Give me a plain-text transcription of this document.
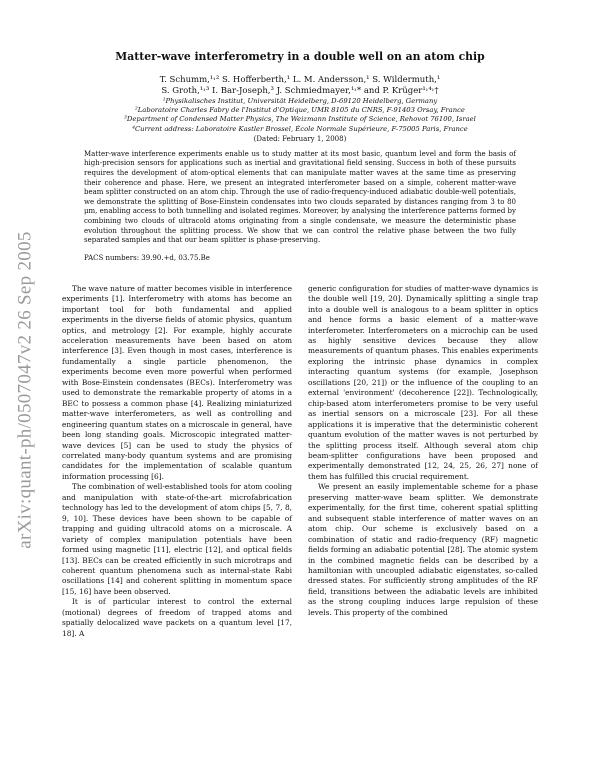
arXiv:quant-ph/0507047v2 26 Sep 2005
Matter-wave interferometry in a double well on an atom chip
T. Schumm,¹˒² S. Hofferberth,¹ L. M. Andersson,¹ S. Wildermuth,¹
S. Groth,¹˒³ I. Bar-Joseph,³ J. Schmiedmayer,¹˒* and P. Krüger¹˒⁴˒†
¹Physikalisches Institut, Universität Heidelberg, D-69120 Heidelberg, Germany
²Laboratoire Charles Fabry de l'Institut d'Optique, UMR 8105 du CNRS, F-91403 Orsay, France
³Department of Condensed Matter Physics, The Weizmann Institute of Science, Rehovot 76100, Israel
⁴Current address: Laboratoire Kastler Brossel, École Normale Supérieure, F-75005 Paris, France
(Dated: February 1, 2008)
Matter-wave interference experiments enable us to study matter at its most basic, quantum level and form the basis of high-precision sensors for applications such as inertial and gravitational field sensing. Success in both of these pursuits requires the development of atom-optical elements that can manipulate matter waves at the same time as preserving their coherence and phase. Here, we present an integrated interferometer based on a simple, coherent matter-wave beam splitter constructed on an atom chip. Through the use of radio-frequency-induced adiabatic double-well potentials, we demonstrate the splitting of Bose-Einstein condensates into two clouds separated by distances ranging from 3 to 80 μm, enabling access to both tunnelling and isolated regimes. Moreover, by analysing the interference patterns formed by combining two clouds of ultracold atoms originating from a single condensate, we measure the deterministic phase evolution throughout the splitting process. We show that we can control the relative phase between the two fully separated samples and that our beam splitter is phase-preserving.
PACS numbers: 39.90.+d, 03.75.Be

The wave nature of matter becomes visible in interference experiments [1]. Interferometry with atoms has become an important tool for both fundamental and applied experiments in the diverse fields of atomic physics, quantum optics, and metrology [2]. For example, highly accurate acceleration measurements have been based on atom interference [3]. Even though in most cases, interference is fundamentally a single particle phenomenon, the experiments become even more powerful when performed with Bose-Einstein condensates (BECs). Interferometry was used to demonstrate the remarkable property of atoms in a BEC to possess a common phase [4]. Realizing miniaturized matter-wave interferometers, as well as controlling and engineering quantum states on a microscale in general, have been long standing goals. Microscopic integrated matter-wave devices [5] can be used to study the physics of correlated many-body quantum systems and are promising candidates for the implementation of scalable quantum information processing [6].

The combination of well-established tools for atom cooling and manipulation with state-of-the-art microfabrication technology has led to the development of atom chips [5, 7, 8, 9, 10]. These devices have been shown to be capable of trapping and guiding ultracold atoms on a microscale. A variety of complex manipulation potentials have been formed using magnetic [11], electric [12], and optical fields [13]. BECs can be created efficiently in such microtraps and coherent quantum phenomena such as internal-state Rabi oscillations [14] and coherent splitting in momentum space [15, 16] have been observed.

It is of particular interest to control the external (motional) degrees of freedom of trapped atoms and spatially delocalized wave packets on a quantum level [17, 18]. A

generic configuration for studies of matter-wave dynamics is the double well [19, 20]. Dynamically splitting a single trap into a double well is analogous to a beam splitter in optics and hence forms a basic element of a matter-wave interferometer. Interferometers on a microchip can be used as highly sensitive devices because they allow measurements of quantum phases. This enables experiments exploring the intrinsic phase dynamics in complex interacting quantum systems (for example, Josephson oscillations [20, 21]) or the influence of the coupling to an external 'environment' (decoherence [22]). Technologically, chip-based atom interferometers promise to be very useful as inertial sensors on a microscale [23]. For all these applications it is imperative that the deterministic coherent quantum evolution of the matter waves is not perturbed by the splitting process itself. Although several atom chip beam-splitter configurations have been proposed and experimentally demonstrated [12, 24, 25, 26, 27] none of them has fulfilled this crucial requirement.

We present an easily implementable scheme for a phase preserving matter-wave beam splitter. We demonstrate experimentally, for the first time, coherent spatial splitting and subsequent stable interference of matter waves on an atom chip. Our scheme is exclusively based on a combination of static and radio-frequency (RF) magnetic fields forming an adiabatic potential [28]. The atomic system in the combined magnetic fields can be described by a hamiltonian with uncoupled adiabatic eigenstates, so-called dressed states. For sufficiently strong amplitudes of the RF field, transitions between the adiabatic levels are inhibited as the strong coupling induces large repulsion of these levels. This property of the combined
